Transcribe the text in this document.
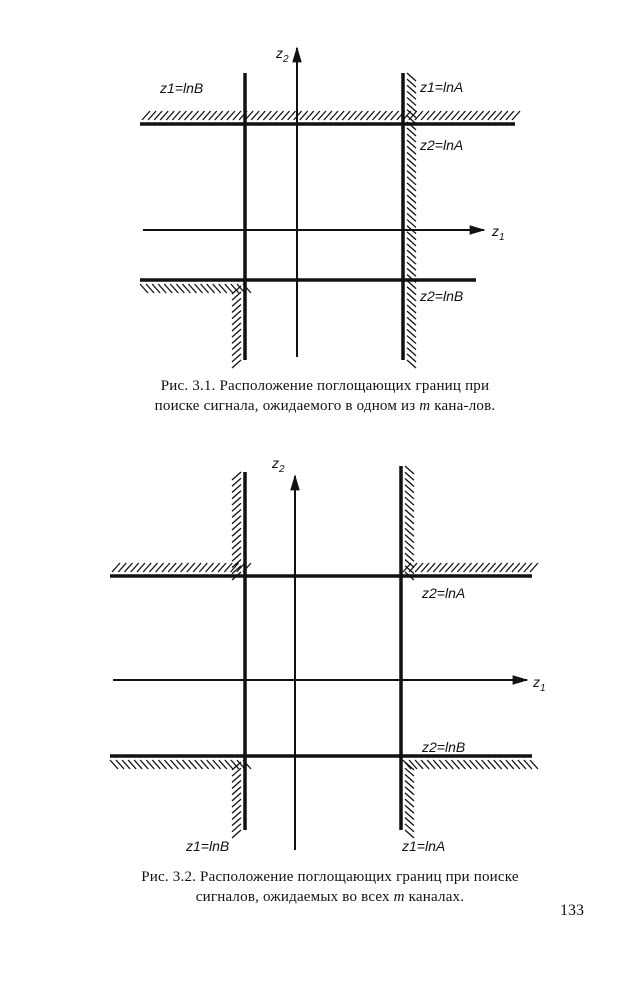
z1=lnB	z1=lnA
z2=lnA
z2=lnB
$z_1$
$z_2$
z2=lnA
z2=lnB
z1=lnB	z1=lnA
$z_1$
$z_2$
Рис. 3.1. Расположение поглощающих границ при поиске сигнала, ожидаемого в одном из m кана-лов.
Рис. 3.2. Расположение поглощающих границ при поиске сигналов, ожидаемых во всех m каналах.
133
